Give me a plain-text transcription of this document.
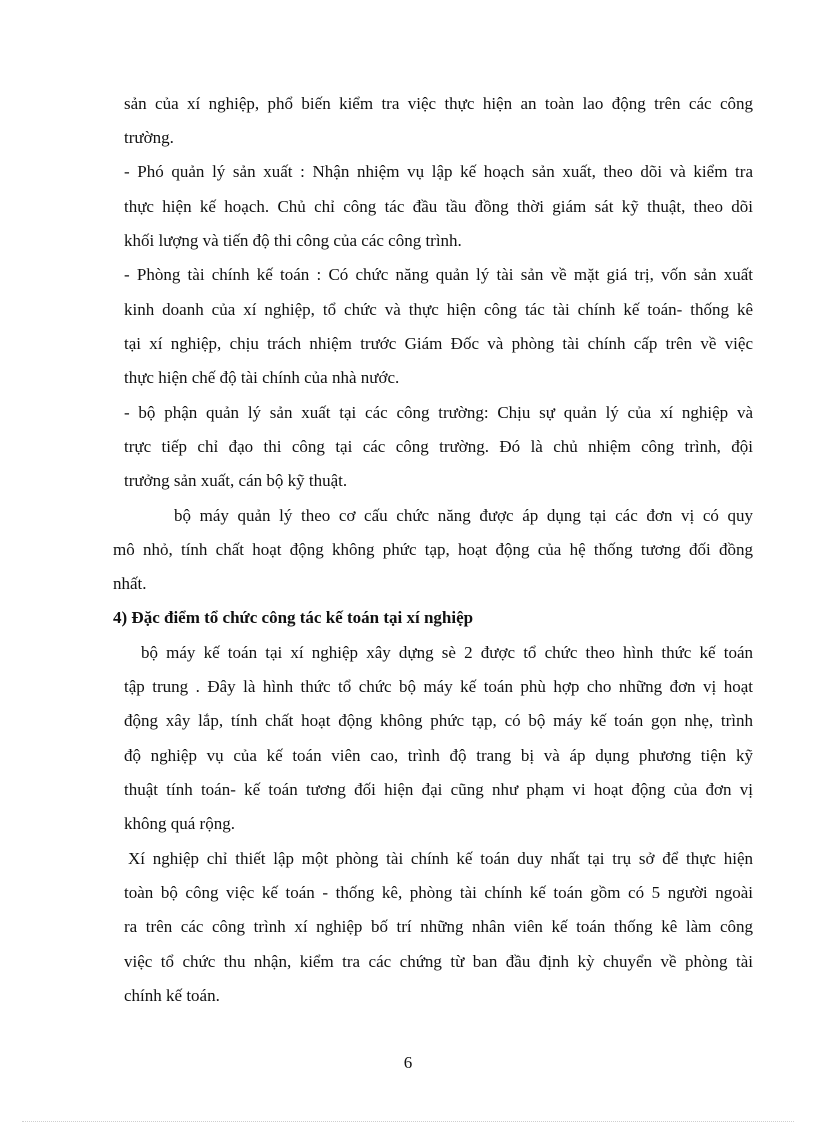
sản của xí nghiệp, phổ biến kiểm tra việc thực hiện an toàn lao động trên các công
trường.
- Phó quản lý sản xuất : Nhận nhiệm vụ lập kế hoạch sản xuất, theo dõi và kiểm tra
thực hiện kế hoạch. Chủ chỉ công tác đầu tầu đồng thời giám sát kỹ thuật, theo dõi
khối lượng và tiến độ thi công của các công trình.
- Phòng tài chính kế toán : Có chức năng quản lý tài sản về mặt giá trị, vốn sản xuất
kinh doanh của xí nghiệp, tổ chức và thực hiện công tác tài chính kế toán- thống kê
tại xí nghiệp, chịu trách nhiệm trước Giám Đốc và phòng tài chính cấp trên về việc
thực hiện chế độ tài chính của nhà nước.
- bộ phận quản lý sản xuất tại các công trường: Chịu sự quản lý của xí nghiệp và
trực tiếp chỉ đạo thi công tại các công trường. Đó là chủ nhiệm công trình, đội
trưởng sản xuất, cán bộ kỹ thuật.
bộ máy quản lý theo cơ cấu chức năng được áp dụng tại các đơn vị có quy
mô nhỏ, tính chất hoạt động không phức tạp, hoạt động của hệ thống tương đối đồng
nhất.
4) Đặc điểm tổ chức công tác kế toán tại xí nghiệp
bộ máy kế toán tại xí nghiệp xây dựng sè 2 được tổ chức theo hình thức kế toán
tập trung . Đây là hình thức tổ chức bộ máy kế toán phù hợp cho những đơn vị hoạt
động xây lắp, tính chất hoạt động không phức tạp, có bộ máy kế toán gọn nhẹ, trình
độ nghiệp vụ của kế toán viên cao, trình độ trang bị và áp dụng phương tiện kỹ
thuật tính toán- kế toán tương đối hiện đại cũng như phạm vi hoạt động của đơn vị
không quá rộng.
Xí nghiệp chỉ thiết lập một phòng tài chính kế toán duy nhất tại trụ sở để thực hiện
toàn bộ công việc kế toán - thống kê, phòng tài chính kế toán gồm có 5 người ngoài
ra trên các công trình xí nghiệp bố trí những nhân viên kế toán thống kê làm công
việc tổ chức thu nhận, kiểm tra các chứng từ ban đầu định kỳ chuyển về phòng tài
chính kế toán.
6
